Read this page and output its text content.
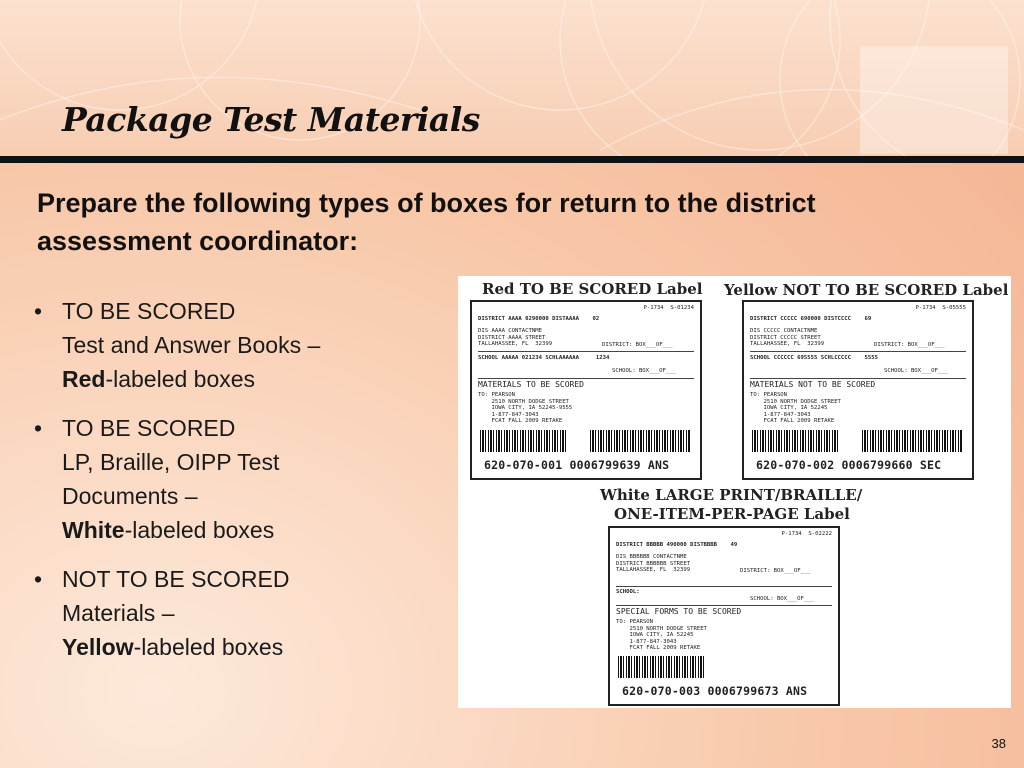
Package Test Materials

Prepare the following types of boxes for return to the district assessment coordinator:

• TO BE SCORED
Test and Answer Books –
Red-labeled boxes
• TO BE SCORED
LP, Braille, OIPP Test
Documents –
White-labeled boxes
• NOT TO BE SCORED
Materials –
Yellow-labeled boxes
Red TO BE SCORED Label
P-1734  S-01234
DISTRICT AAAA 0290000 DISTAAAA    02
DIS AAAA CONTACTNME
DISTRICT AAAA STREET
TALLAHASSEE, FL  32399	DISTRICT: BOX___OF___
SCHOOL AAAAA 021234 SCHLAAAAAA     1234
SCHOOL: BOX___OF___
MATERIALS TO BE SCORED
TO: PEARSON
2510 NORTH DODGE STREET
IOWA CITY, IA 52245-9555
1-877-847-3043
FCAT FALL 2009 RETAKE
620-070-001 0006799639 ANS
Yellow NOT TO BE SCORED Label
P-1734  S-05555
DISTRICT CCCCC 690000 DISTCCCC    69
DIS CCCCC CONTACTNME
DISTRICT CCCCC STREET
TALLAHASSEE, FL  32399	DISTRICT: BOX___OF___
SCHOOL CCCCCC 695555 SCHLCCCCC    5555
SCHOOL: BOX___OF___
MATERIALS NOT TO BE SCORED
TO: PEARSON
2510 NORTH DODGE STREET
IOWA CITY, IA 52245
1-877-847-3043
FCAT FALL 2009 RETAKE
620-070-002 0006799660 SEC
White LARGE PRINT/BRAILLE/
ONE-ITEM-PER-PAGE Label
P-1734  S-02222
DISTRICT BBBBB 490000 DISTBBBB    49
DIS BBBBBB CONTACTNME
DISTRICT BBBBBB STREET
TALLAHASSEE, FL  32399	DISTRICT: BOX___OF___
SCHOOL:
SCHOOL: BOX___OF___
SPECIAL FORMS TO BE SCORED
TO: PEARSON
2510 NORTH DODGE STREET
IOWA CITY, IA 52245
1-877-847-3043
FCAT FALL 2009 RETAKE
620-070-003 0006799673 ANS
38
